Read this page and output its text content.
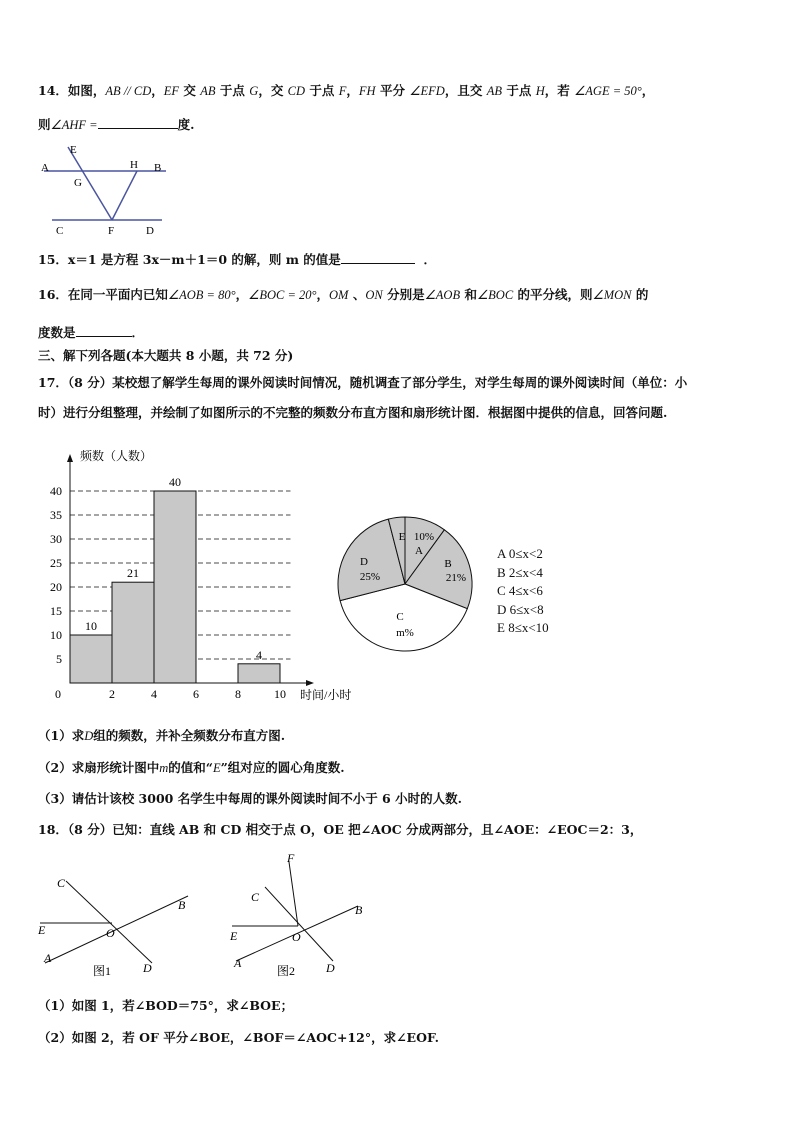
14．如图，AB // CD，EF 交 AB 于点 G，交 CD 于点 F，FH 平分 ∠EFD，且交 AB 于点 H，若 ∠AGE = 50°，
则∠AHF =	度.
A
E
G
H B
C	F	D
15．x＝1 是方程 3x－m＋1＝0 的解，则 m 的值是	．
16．在同一平面内已知∠AOB = 80°，∠BOC = 20°，OM 、ON 分别是∠AOB 和∠BOC 的平分线，则∠MON 的
度数是	．
三、解下列各题(本大题共 8 小题，共 72 分)
17．（8 分）某校想了解学生每周的课外阅读时间情况，随机调查了部分学生，对学生每周的课外阅读时间（单位：小
时）进行分组整理，并绘制了如图所示的不完整的频数分布直方图和扇形统计图．根据图中提供的信息，回答问题.
频数（人数）
时间/小时
5
10
15
20
25
30
35
40
0	2	4	6	8	10
10
21
40
4
E 10%
A
B
21%
D
25%
C
m%
A 0≤x<2
B 2≤x<4
C 4≤x<6
D 6≤x<8
E 8≤x<10
（1）求D组的频数，并补全频数分布直方图.
（2）求扇形统计图中m的值和“E”组对应的圆心角度数.
（3）请估计该校 3000 名学生中每周的课外阅读时间不小于 6 小时的人数.
18．（8 分）已知：直线 AB 和 CD 相交于点 O，OE 把∠AOC 分成两部分，且∠AOE：∠EOC＝2：3，
C
B
E	O
A
D
图1
F
C
B
E	O
A	D
图2
（1）如图 1，若∠BOD＝75°，求∠BOE；
（2）如图 2，若 OF 平分∠BOE，∠BOF＝∠AOC+12°，求∠EOF.
